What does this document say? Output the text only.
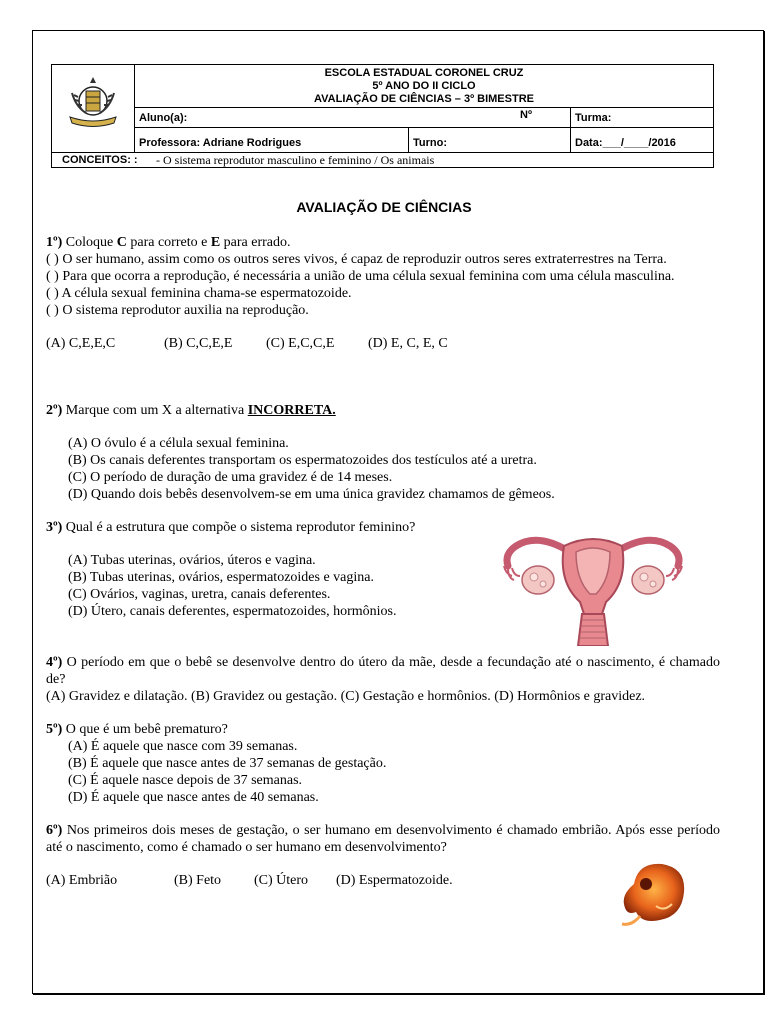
ESCOLA ESTADUAL CORONEL CRUZ
5º ANO DO II CICLO
AVALIAÇÃO DE CIÊNCIAS – 3º BIMESTRE
Aluno(a):	Nº	Turma:
Professora: Adriane Rodrigues	Turno:	Data:___/____/2016
CONCEITOS: : - O sistema reprodutor masculino e feminino / Os animais
AVALIAÇÃO DE CIÊNCIAS

1º) Coloque C para correto e E para errado.

( ) O ser humano, assim como os outros seres vivos, é capaz de reproduzir outros seres extraterrestres na Terra.

( ) Para que ocorra a reprodução, é necessária a união de uma célula sexual feminina com uma célula masculina.

( ) A célula sexual feminina chama-se espermatozoide.

( ) O sistema reprodutor auxilia na reprodução.

(A) C,E,E,C	(B) C,C,E,E (C) E,C,C,E (D) E, C, E, C

2º) Marque com um X a alternativa INCORRETA.

(A) O óvulo é a célula sexual feminina.

(B) Os canais deferentes transportam os espermatozoides dos testículos até a uretra.

(C) O período de duração de uma gravidez é de 14 meses.

(D) Quando dois bebês desenvolvem-se em uma única gravidez chamamos de gêmeos.

3º) Qual é a estrutura que compõe o sistema reprodutor feminino?

(A) Tubas uterinas, ovários, úteros e vagina.

(B) Tubas uterinas, ovários, espermatozoides e vagina.

(C) Ovários, vaginas, uretra, canais deferentes.

(D) Útero, canais deferentes, espermatozoides, hormônios.

4º) O período em que o bebê se desenvolve dentro do útero da mãe, desde a fecundação até o nascimento, é chamado de?

(A) Gravidez e dilatação. (B) Gravidez ou gestação. (C) Gestação e hormônios. (D) Hormônios e gravidez.

5º) O que é um bebê prematuro?

(A) É aquele que nasce com 39 semanas.

(B) É aquele que nasce antes de 37 semanas de gestação.

(C) É aquele nasce depois de 37 semanas.

(D) É aquele que nasce antes de 40 semanas.

6º) Nos primeiros dois meses de gestação, o ser humano em desenvolvimento é chamado embrião. Após esse período até o nascimento, como é chamado o ser humano em desenvolvimento?

(A) Embrião	(B) Feto (C) Útero (D) Espermatozoide.
